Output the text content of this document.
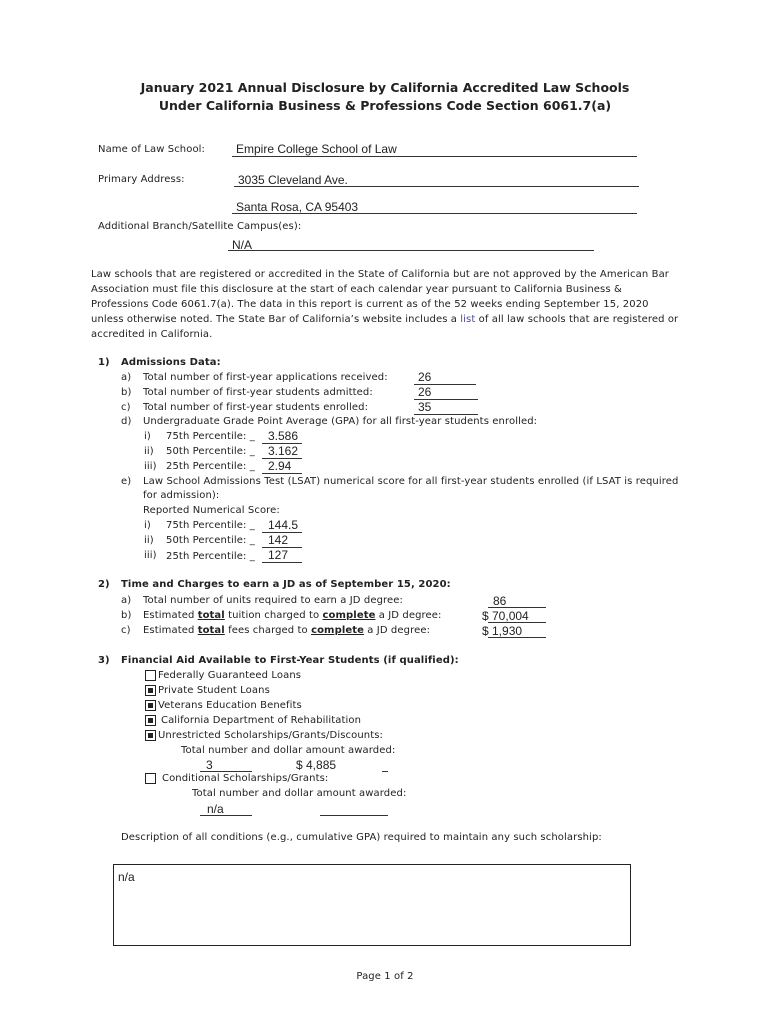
January 2021 Annual Disclosure by California Accredited Law Schools
Under California Business & Professions Code Section 6061.7(a)
Name of Law School:	Empire College School of Law
Primary Address:	3035 Cleveland Ave.
Santa Rosa, CA 95403
Additional Branch/Satellite Campus(es):
N/A
Law schools that are registered or accredited in the State of California but are not approved by the American Bar Association must file this disclosure at the start of each calendar year pursuant to California Business & Professions Code 6061.7(a). The data in this report is current as of the 52 weeks ending September 15, 2020 unless otherwise noted. The State Bar of California’s website includes a list of all law schools that are registered or accredited in California.
1) Admissions Data:
a) Total number of first-year applications received:	26
b) Total number of first-year students admitted:	26
c) Total number of first-year students enrolled:	35
d) Undergraduate Grade Point Average (GPA) for all first-year students enrolled:
i) 75th Percentile: _ 3.586
ii) 50th Percentile: _ 3.162
iii) 25th Percentile: _ 2.94
e) Law School Admissions Test (LSAT) numerical score for all first-year students enrolled (if LSAT is required
for admission):
Reported Numerical Score:
i) 75th Percentile: _ 144.5
ii) 50th Percentile: _ 142
iii) 25th Percentile: _ 127
2) Time and Charges to earn a JD as of September 15, 2020:
a) Total number of units required to earn a JD degree:	86
b) Estimated total tuition charged to complete a JD degree:	$ 70,004
c) Estimated total fees charged to complete a JD degree:	$ 1,930
3) Financial Aid Available to First-Year Students (if qualified):
Federally Guaranteed Loans
Private Student Loans
Veterans Education Benefits
California Department of Rehabilitation
Unrestricted Scholarships/Grants/Discounts:
Total number and dollar amount awarded:
3	$ 4,885
Conditional Scholarships/Grants:
Total number and dollar amount awarded:
n/a
Description of all conditions (e.g., cumulative GPA) required to maintain any such scholarship:
n/a
Page 1 of 2
